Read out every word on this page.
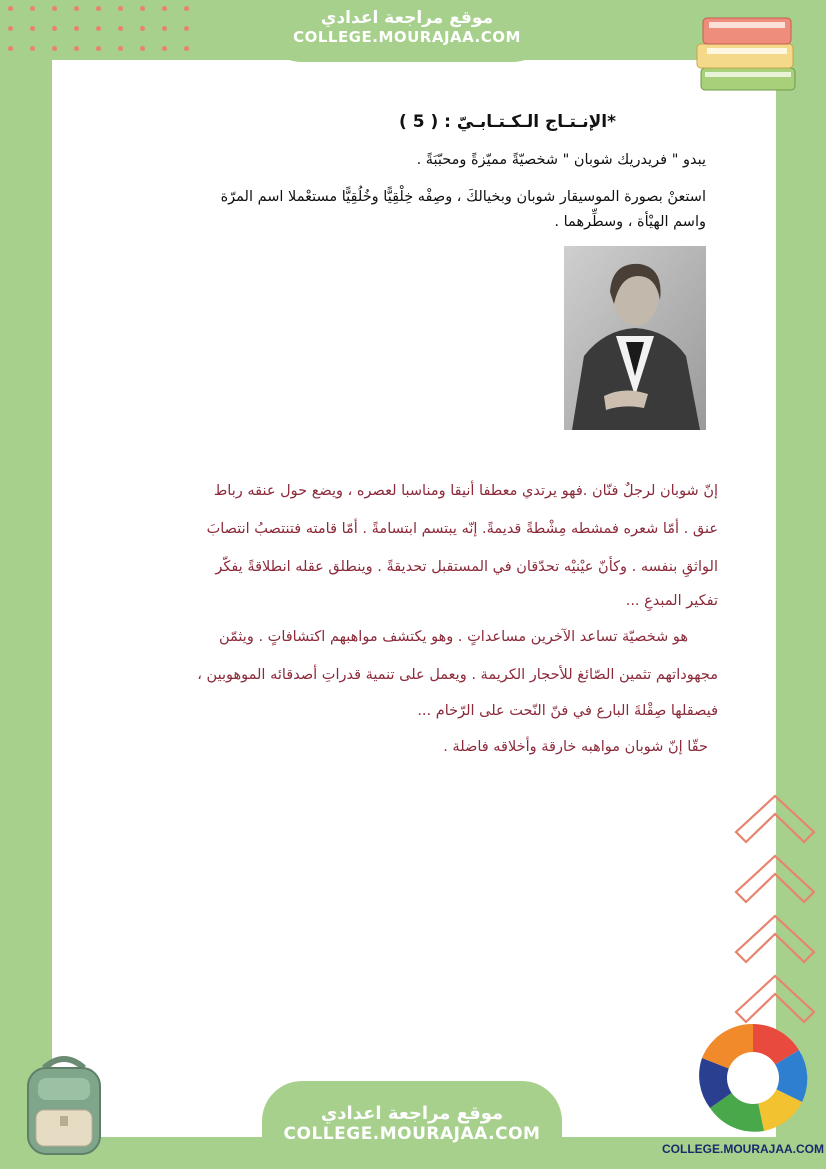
موقع مراجعة اعدادي
COLLEGE.MOURAJAA.COM
*الإنـتـاج الـكـتـابـيّ : ( 5 )
يبدو " فريدريك شوبان " شخصيّةً مميّزةً ومحبّبَةً .
استعنْ بصورة الموسيقار شوبان وبخيالكَ ، وصِفْه خِلْقِيًّا وخُلُقِيًّا مستعْملا اسم المرّة
واسم الهيْأة ، وسطِّرهما .
إنّ شوبان لرجلٌ فنّان .فهو يرتدي معطفا أنيقا ومناسبا لعصره ، ويضع حول عنقه رباط
عنق . أمّا شعره فمشطه مِشْطةً قديمةً. إنّه يبتسم ابتسامةً . أمّا قامته فتنتصبُ انتصابَ
الواثقِ بنفسه . وكأنّ عيْنيْه تحدّقان في المستقبل تحديقةً . وينطلق عقله انطلاقةً يفكّر
تفكير المبدعِ ...
هو شخصيّة تساعد الآخرين مساعداتٍ . وهو يكتشف مواهبهم اكتشافاتٍ . ويثمّن
مجهوداتهم تثمين الصّائغ للأحجار الكريمة . ويعمل على تنمية قدراتِ أصدقائه الموهوبين ،
فيصقلها صِقْلةَ البارع في فنّ النّحت على الرّخام ...
حقّا إنّ شوبان مواهبه خارقة وأخلاقه فاضلة .
COLLEGE.MOURAJAA.COM
موقع مراجعة اعدادي
COLLEGE.MOURAJAA.COM
